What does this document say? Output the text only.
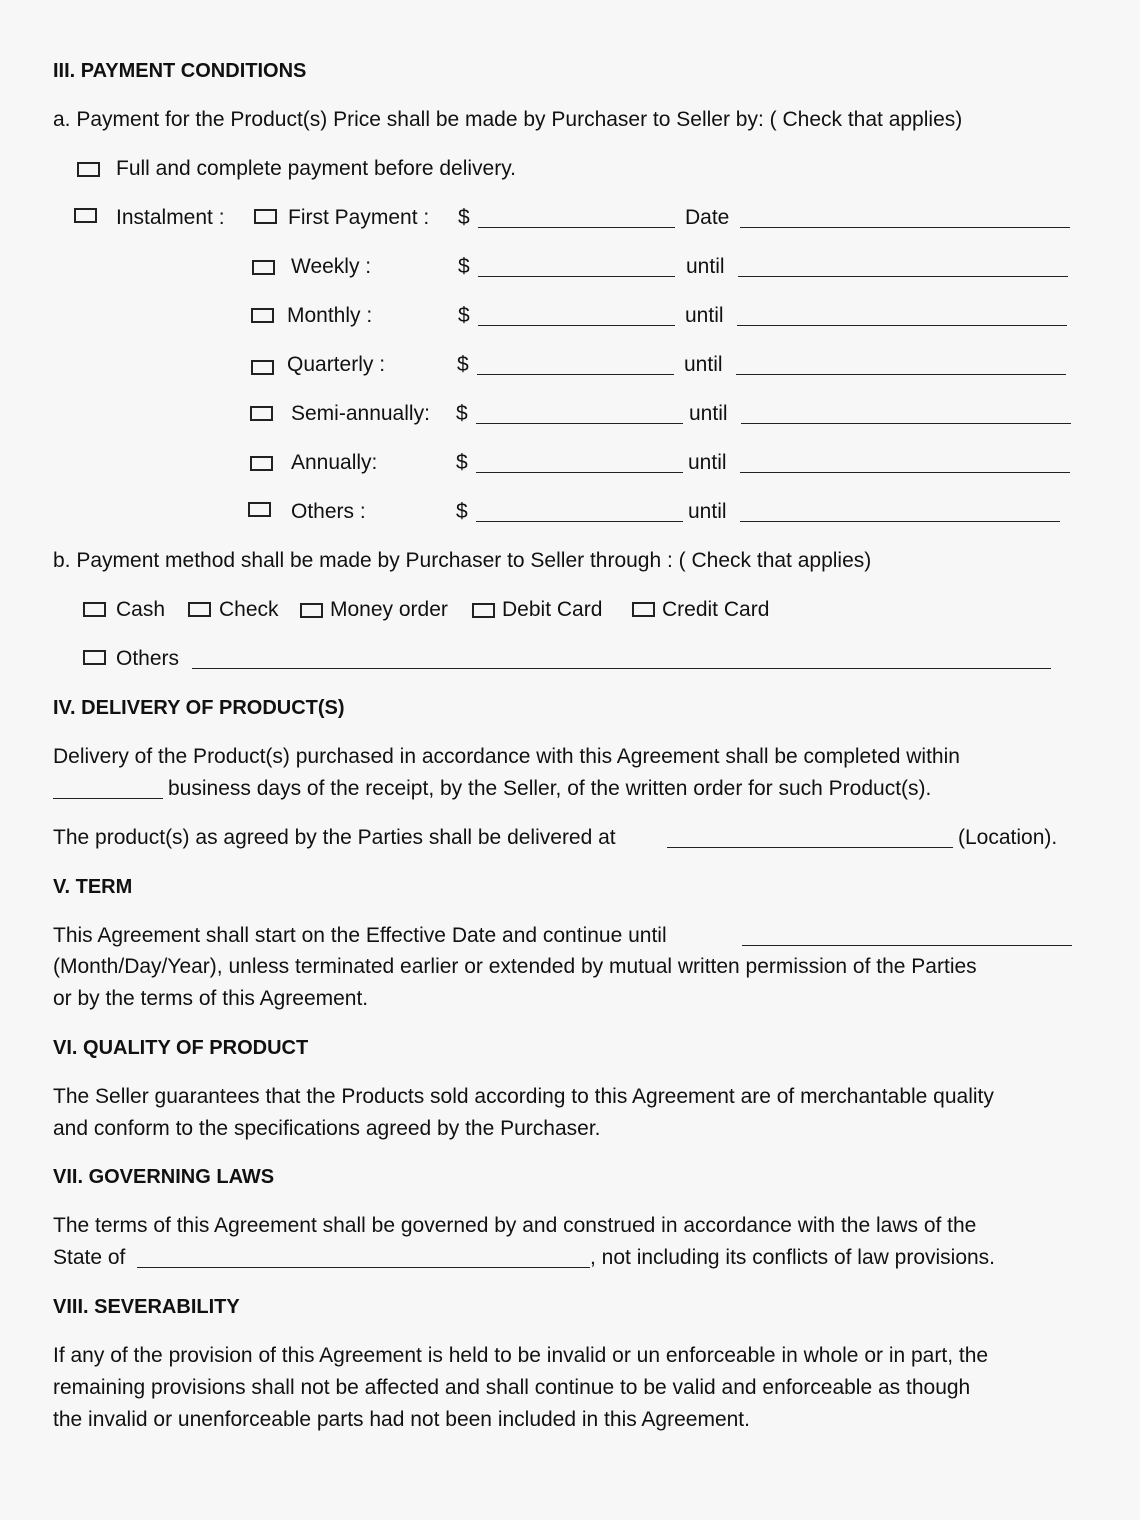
III. PAYMENT CONDITIONS
a. Payment for the Product(s) Price shall be made by Purchaser to Seller by: ( Check that applies)
Full and complete payment before delivery.
Instalment :	First Payment : $	Date
Weekly :	$	until
Monthly :	$	until
Quarterly :	$	until
Semi-annually: $	until
Annually:	$	until
Others :	$	until
b. Payment method shall be made by Purchaser to Seller through : ( Check that applies)
Cash	Check Money order	Debit Card	Credit Card
Others
IV. DELIVERY OF PRODUCT(S)
Delivery of the Product(s) purchased in accordance with this Agreement shall be completed within
business days of the receipt, by the Seller, of the written order for such Product(s).
The product(s) as agreed by the Parties shall be delivered at	(Location).
V. TERM
This Agreement shall start on the Effective Date and continue until
(Month/Day/Year), unless terminated earlier or extended by mutual written permission of the Parties
or by the terms of this Agreement.
VI. QUALITY OF PRODUCT
The Seller guarantees that the Products sold according to this Agreement are of merchantable quality
and conform to the specifications agreed by the Purchaser.
VII. GOVERNING LAWS
The terms of this Agreement shall be governed by and construed in accordance with the laws of the
State of	, not including its conflicts of law provisions.
VIII. SEVERABILITY
If any of the provision of this Agreement is held to be invalid or un enforceable in whole or in part, the
remaining provisions shall not be affected and shall continue to be valid and enforceable as though
the invalid or unenforceable parts had not been included in this Agreement.
